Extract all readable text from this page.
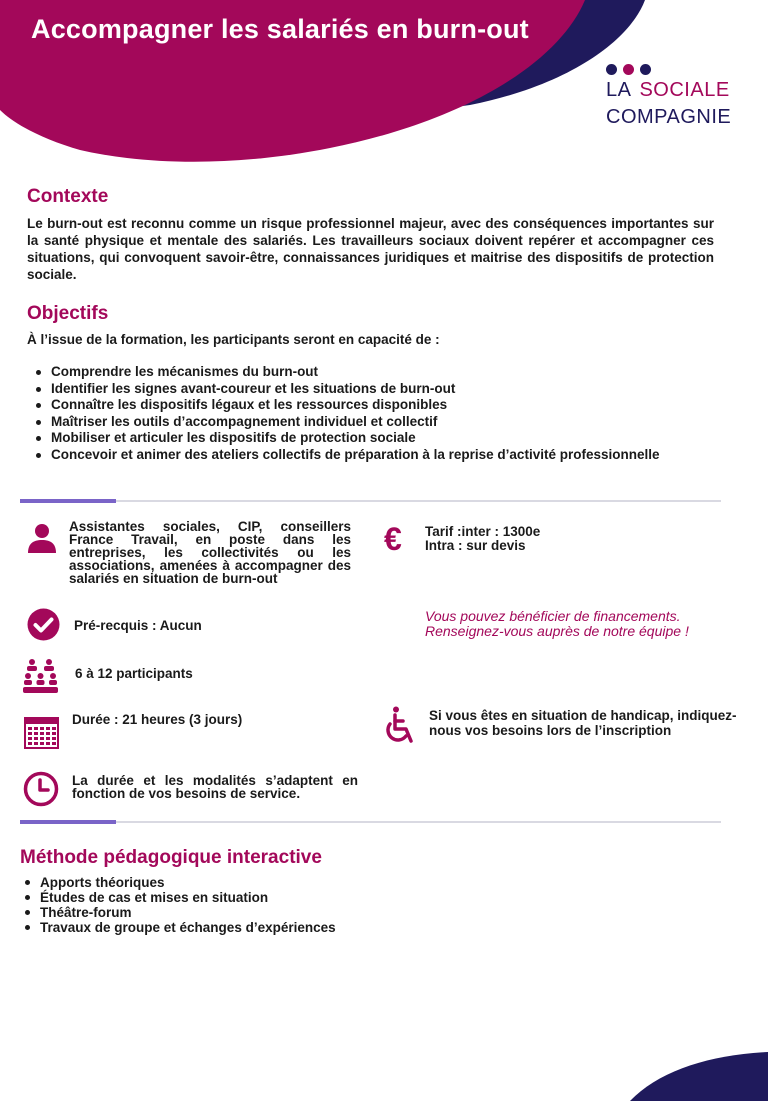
Accompagner les salariés en burn-out
LA SOCIALE
COMPAGNIE
Contexte
Le burn-out est reconnu comme un risque professionnel majeur, avec des conséquences importantes sur la santé physique et mentale des salariés. Les travailleurs sociaux doivent repérer et accompagner ces situations, qui convoquent savoir-être, connaissances juridiques et maitrise des dispositifs de protection sociale.
Objectifs
À l’issue de la formation, les participants seront en capacité de :
Comprendre les mécanismes du burn-out
Identifier les signes avant-coureur et les situations de burn-out
Connaître les dispositifs légaux et les ressources disponibles
Maîtriser les outils d’accompagnement individuel et collectif
Mobiliser et articuler les dispositifs de protection sociale
Concevoir et animer des ateliers collectifs de préparation à la reprise d’activité professionnelle
Assistantes sociales, CIP, conseillers France Travail, en poste dans les entreprises, les collectivités ou les associations, amenées à accompagner des salariés en situation de burn-out
€ Tarif :inter : 1300e
Intra : sur devis
Pré-recquis : Aucun
Vous pouvez bénéficier de financements.
Renseignez-vous auprès de notre équipe !
6 à 12 participants
Durée : 21 heures (3 jours)	Si vous êtes en situation de handicap, indiquez-
nous vos besoins lors de l’inscription
La durée et les modalités s’adaptent en fonction de vos besoins de service.
Méthode pédagogique interactive
Apports théoriques
Études de cas et mises en situation
Théâtre-forum
Travaux de groupe et échanges d’expériences
